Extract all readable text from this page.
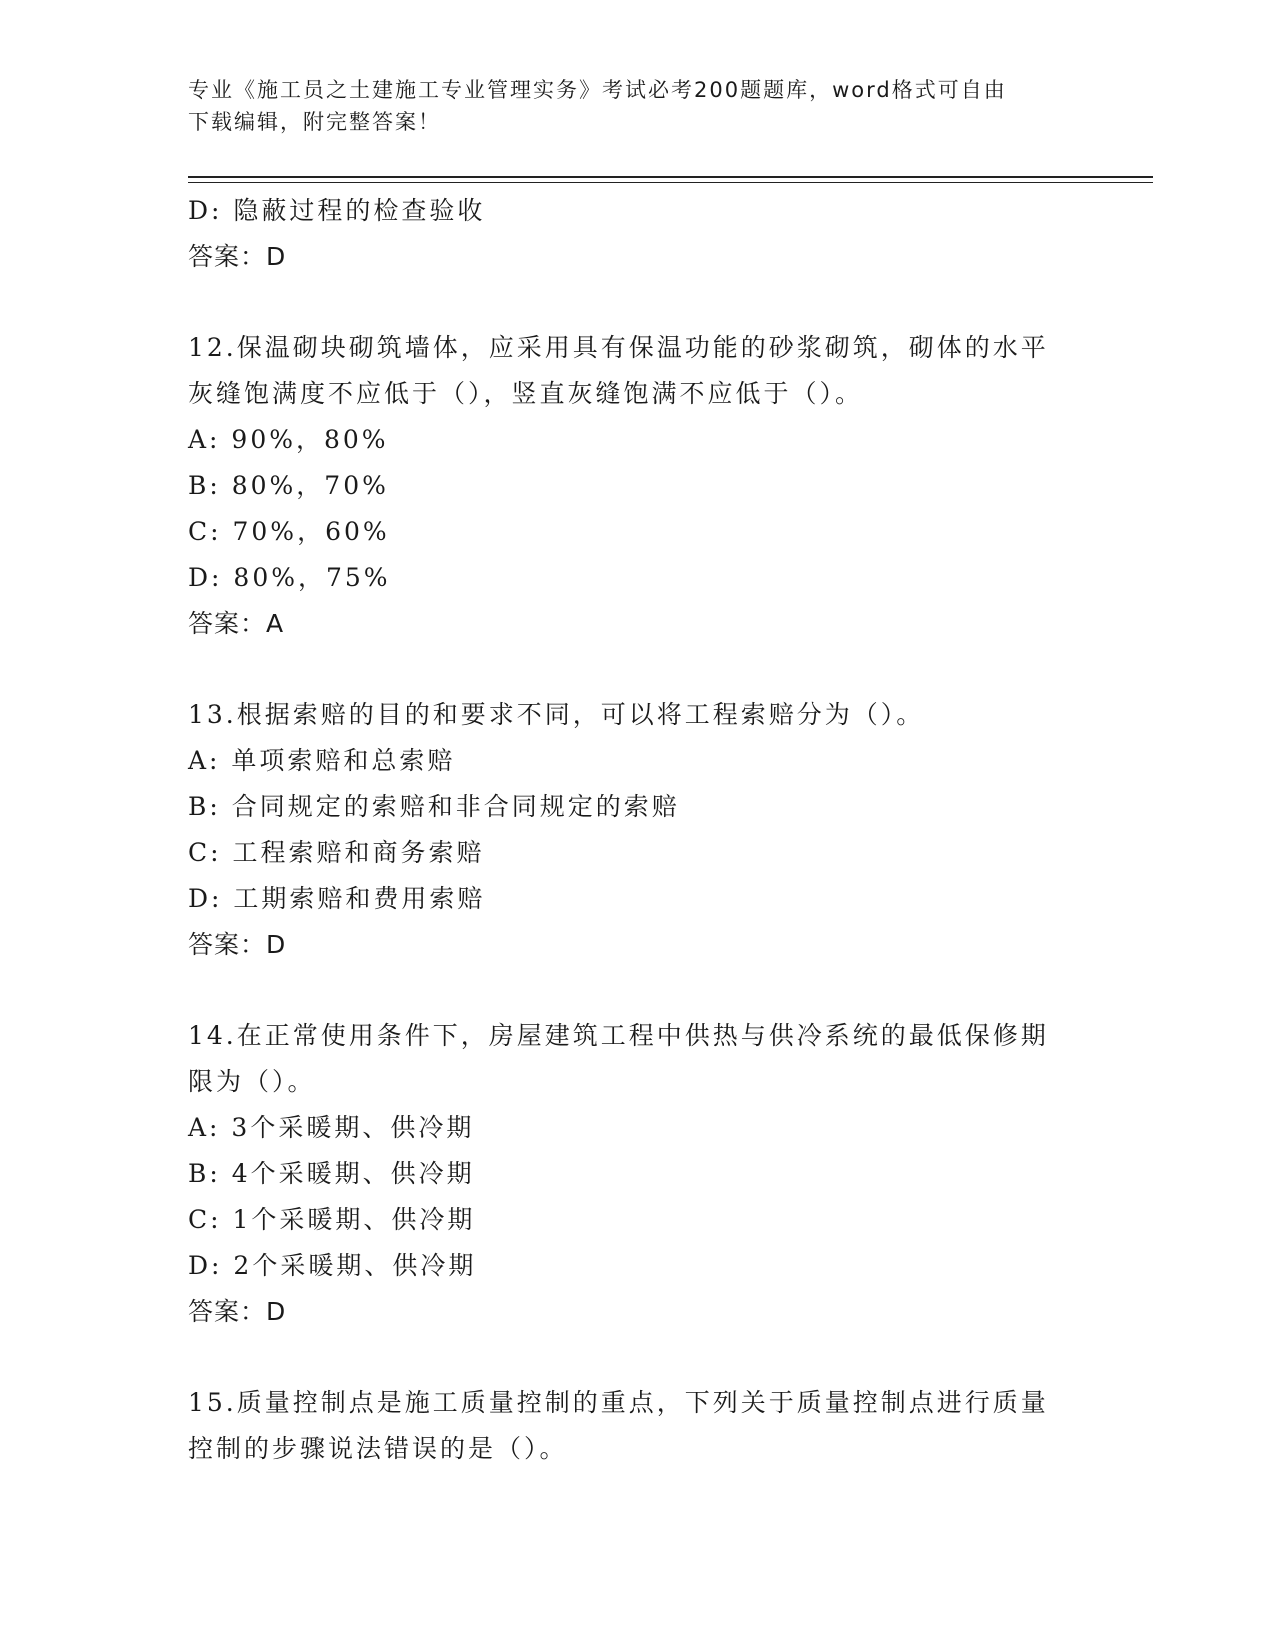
专业《施工员之土建施工专业管理实务》考试必考200题题库，word格式可自由
下载编辑，附完整答案！
D: 隐蔽过程的检查验收
答案：D
12.保温砌块砌筑墙体，应采用具有保温功能的砂浆砌筑，砌体的水平
灰缝饱满度不应低于（），竖直灰缝饱满不应低于（）。
A: 90%，80%
B: 80%，70%
C: 70%，60%
D: 80%，75%
答案：A
13.根据索赔的目的和要求不同，可以将工程索赔分为（）。
A: 单项索赔和总索赔
B: 合同规定的索赔和非合同规定的索赔
C: 工程索赔和商务索赔
D: 工期索赔和费用索赔
答案：D
14.在正常使用条件下，房屋建筑工程中供热与供冷系统的最低保修期
限为（）。
A: 3个采暖期、供冷期
B: 4个采暖期、供冷期
C: 1个采暖期、供冷期
D: 2个采暖期、供冷期
答案：D
15.质量控制点是施工质量控制的重点，下列关于质量控制点进行质量
控制的步骤说法错误的是（）。
